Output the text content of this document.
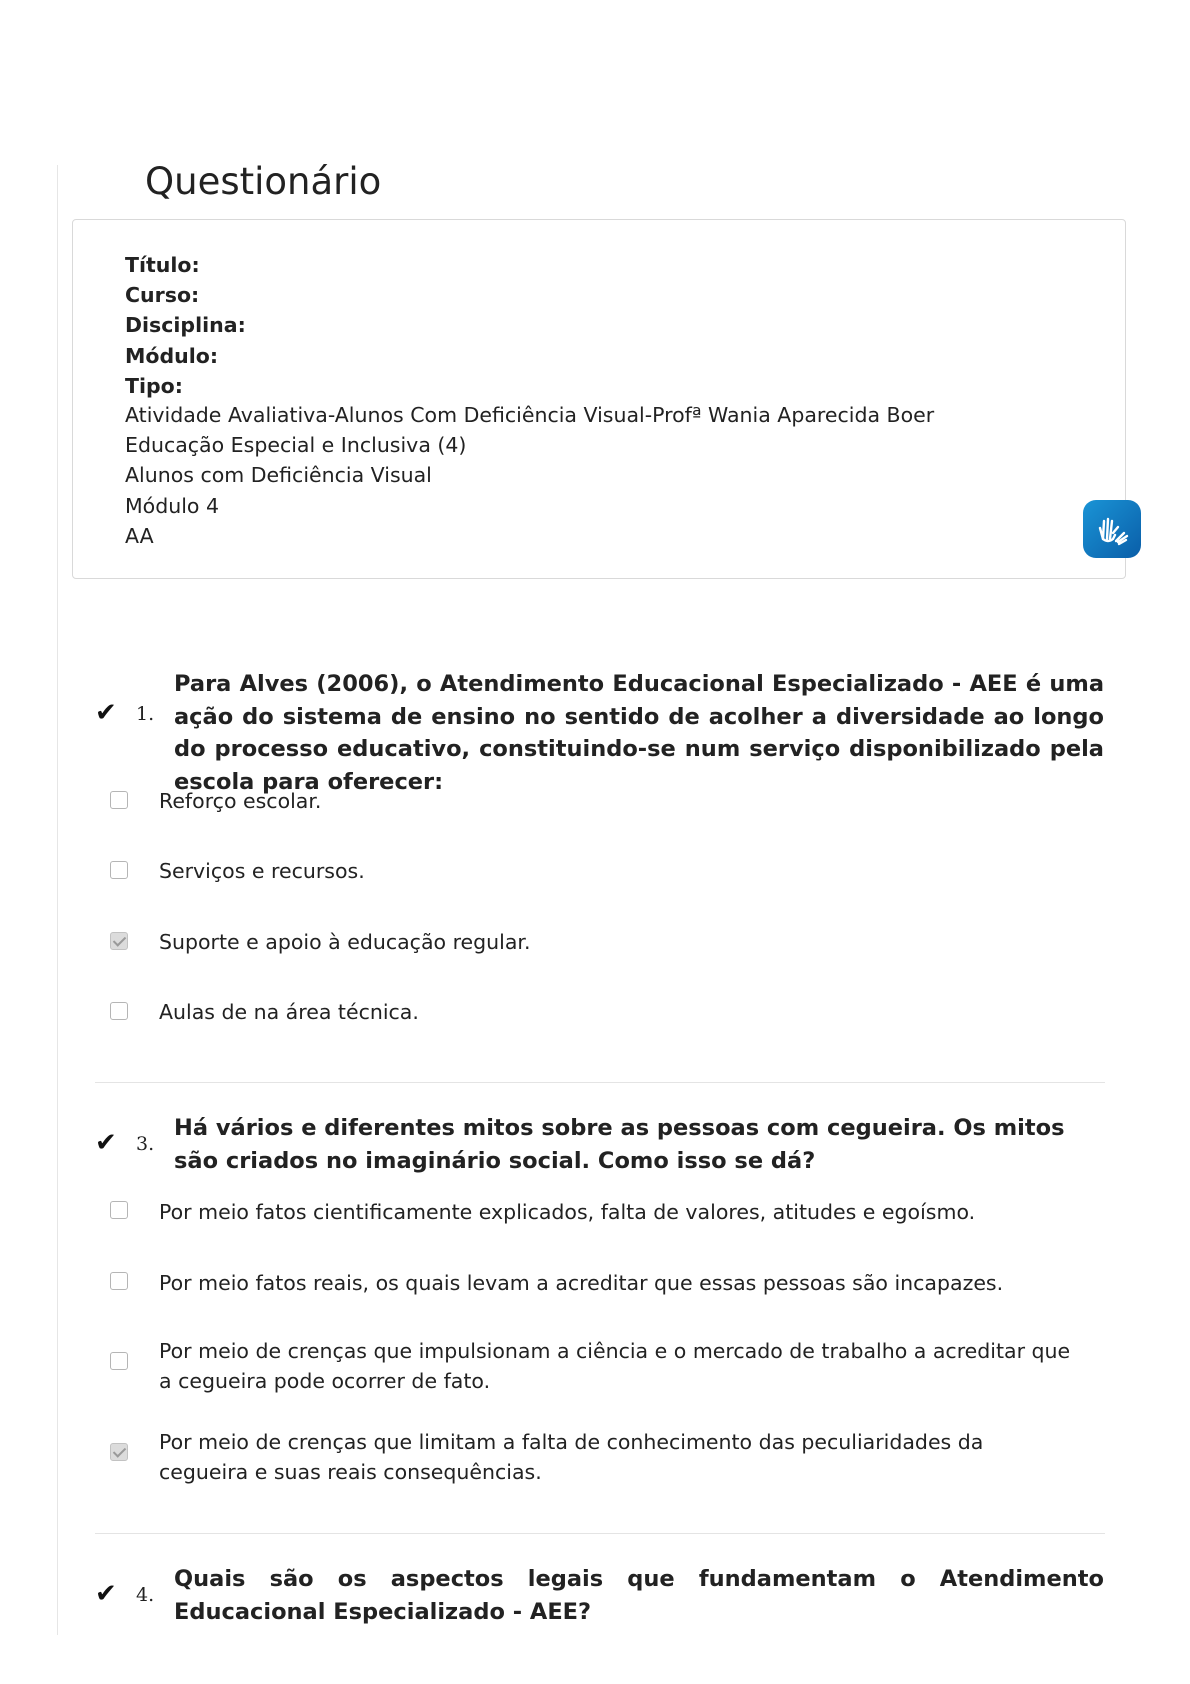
Questionário
Título:
Curso:
Disciplina:
Módulo:
Tipo:
Atividade Avaliativa-Alunos Com Deficiência Visual-Profª Wania Aparecida Boer
Educação Especial e Inclusiva (4)
Alunos com Deficiência Visual
Módulo 4
AA
✔ 1.

Para Alves (2006), o Atendimento Educacional Especializado - AEE é uma ação do sistema de ensino no sentido de acolher a diversidade ao longo do processo educativo, constituindo-se num serviço disponibilizado pela escola para oferecer:

Reforço escolar.
Serviços e recursos.
Suporte e apoio à educação regular.
Aulas de na área técnica.
✔ 3.

Há vários e diferentes mitos sobre as pessoas com cegueira. Os mitos são criados no imaginário social. Como isso se dá?

Por meio fatos cientificamente explicados, falta de valores, atitudes e egoísmo.
Por meio fatos reais, os quais levam a acreditar que essas pessoas são incapazes.
Por meio de crenças que impulsionam a ciência e o mercado de trabalho a acreditar que a cegueira pode ocorrer de fato.
Por meio de crenças que limitam a falta de conhecimento das peculiaridades da cegueira e suas reais consequências.
✔ 4.

Quais são os aspectos legais que fundamentam o Atendimento Educacional Especializado - AEE?
